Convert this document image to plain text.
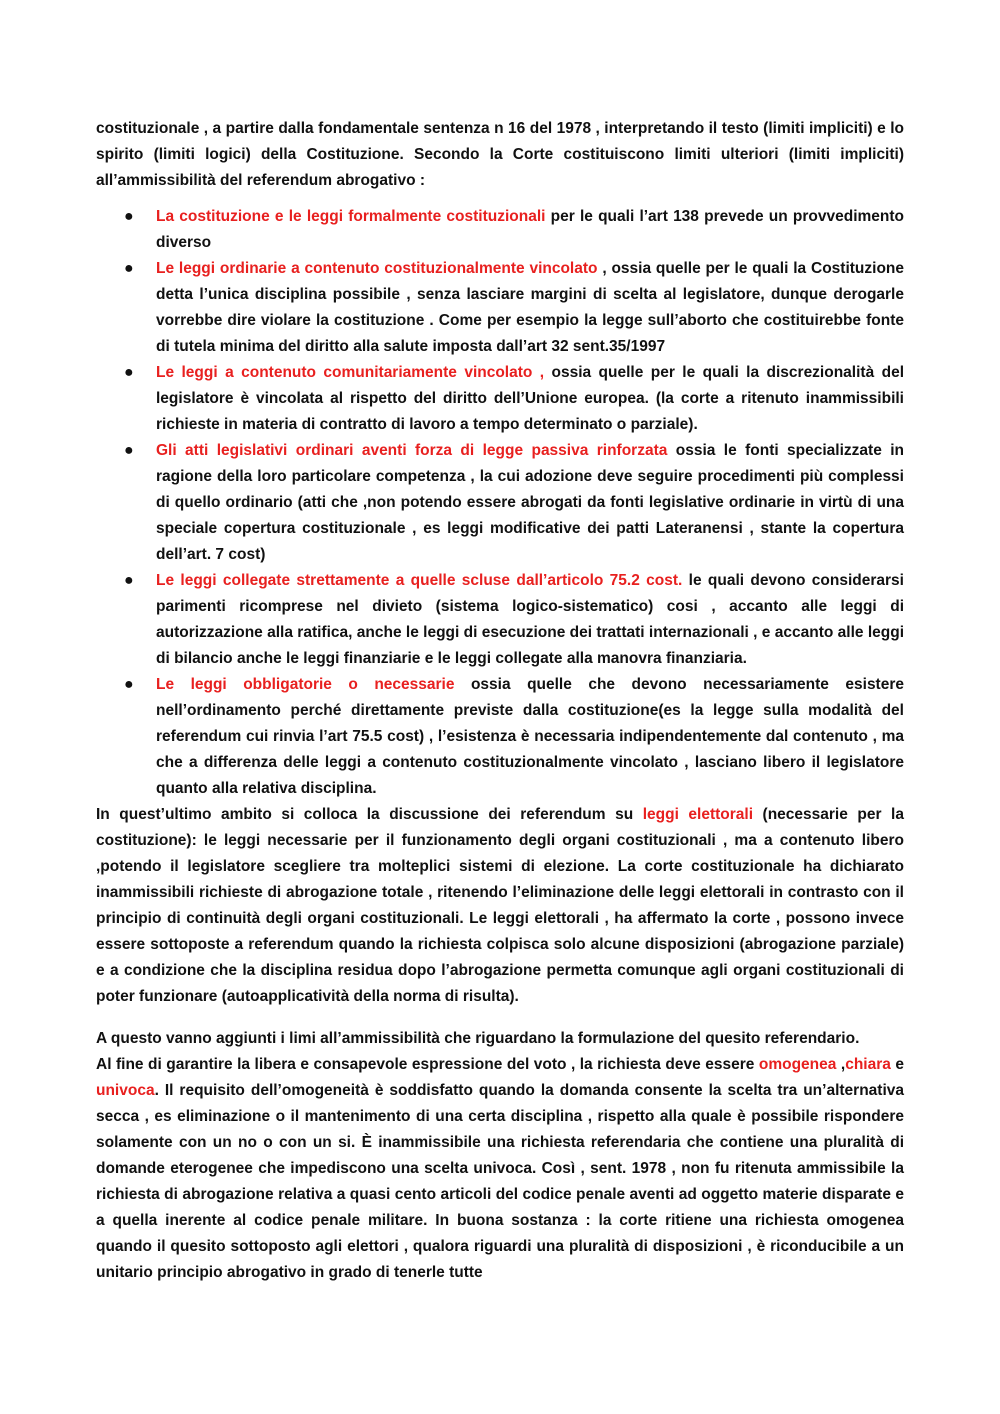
costituzionale , a partire dalla fondamentale sentenza n 16 del 1978 , interpretando il testo (limiti impliciti) e lo spirito (limiti logici) della Costituzione. Secondo la Corte costituiscono limiti ulteriori (limiti impliciti) all’ammissibilità del referendum abrogativo :

● La costituzione e le leggi formalmente costituzionali per le quali l’art 138 prevede un provvedimento diverso
● Le leggi ordinarie a contenuto costituzionalmente vincolato , ossia quelle per le quali la Costituzione detta l’unica disciplina possibile , senza lasciare margini di scelta al legislatore, dunque derogarle vorrebbe dire violare la costituzione . Come per esempio la legge sull’aborto che costituirebbe fonte di tutela minima del diritto alla salute imposta dall’art 32 sent.35/1997
● Le leggi a contenuto comunitariamente vincolato , ossia quelle per le quali la discrezionalità del legislatore è vincolata al rispetto del diritto dell’Unione europea. (la corte a ritenuto inammissibili richieste in materia di contratto di lavoro a tempo determinato o parziale).
● Gli atti legislativi ordinari aventi forza di legge passiva rinforzata ossia le fonti specializzate in ragione della loro particolare competenza , la cui adozione deve seguire procedimenti più complessi di quello ordinario (atti che ,non potendo essere abrogati da fonti legislative ordinarie in virtù di una speciale copertura costituzionale , es leggi modificative dei patti Lateranensi , stante la copertura dell’art. 7 cost)
● Le leggi collegate strettamente a quelle scluse dall’articolo 75.2 cost. le quali devono considerarsi parimenti ricomprese nel divieto (sistema logico-sistematico) cosi , accanto alle leggi di autorizzazione alla ratifica, anche le leggi di esecuzione dei trattati internazionali , e accanto alle leggi di bilancio anche le leggi finanziarie e le leggi collegate alla manovra finanziaria.
● Le leggi obbligatorie o necessarie ossia quelle che devono necessariamente esistere nell’ordinamento perché direttamente previste dalla costituzione(es la legge sulla modalità del referendum cui rinvia l’art 75.5 cost) , l’esistenza è necessaria indipendentemente dal contenuto , ma che a differenza delle leggi a contenuto costituzionalmente vincolato , lasciano libero il legislatore quanto alla relativa disciplina.

In quest’ultimo ambito si colloca la discussione dei referendum su leggi elettorali (necessarie per la costituzione): le leggi necessarie per il funzionamento degli organi costituzionali , ma a contenuto libero ,potendo il legislatore scegliere tra molteplici sistemi di elezione. La corte costituzionale ha dichiarato inammissibili richieste di abrogazione totale , ritenendo l’eliminazione delle leggi elettorali in contrasto con il principio di continuità degli organi costituzionali. Le leggi elettorali , ha affermato la corte , possono invece essere sottoposte a referendum quando la richiesta colpisca solo alcune disposizioni (abrogazione parziale) e a condizione che la disciplina residua dopo l’abrogazione permetta comunque agli organi costituzionali di poter funzionare (autoapplicatività della norma di risulta).

A questo vanno aggiunti i limi all’ammissibilità che riguardano la formulazione del quesito referendario.

Al fine di garantire la libera e consapevole espressione del voto , la richiesta deve essere omogenea ,chiara e univoca. Il requisito dell’omogeneità è soddisfatto quando la domanda consente la scelta tra un’alternativa secca , es eliminazione o il mantenimento di una certa disciplina , rispetto alla quale è possibile rispondere solamente con un no o con un si. È inammissibile una richiesta referendaria che contiene una pluralità di domande eterogenee che impediscono una scelta univoca. Così , sent. 1978 , non fu ritenuta ammissibile la richiesta di abrogazione relativa a quasi cento articoli del codice penale aventi ad oggetto materie disparate e a quella inerente al codice penale militare. In buona sostanza : la corte ritiene una richiesta omogenea quando il quesito sottoposto agli elettori , qualora riguardi una pluralità di disposizioni , è riconducibile a un unitario principio abrogativo in grado di tenerle tutte
